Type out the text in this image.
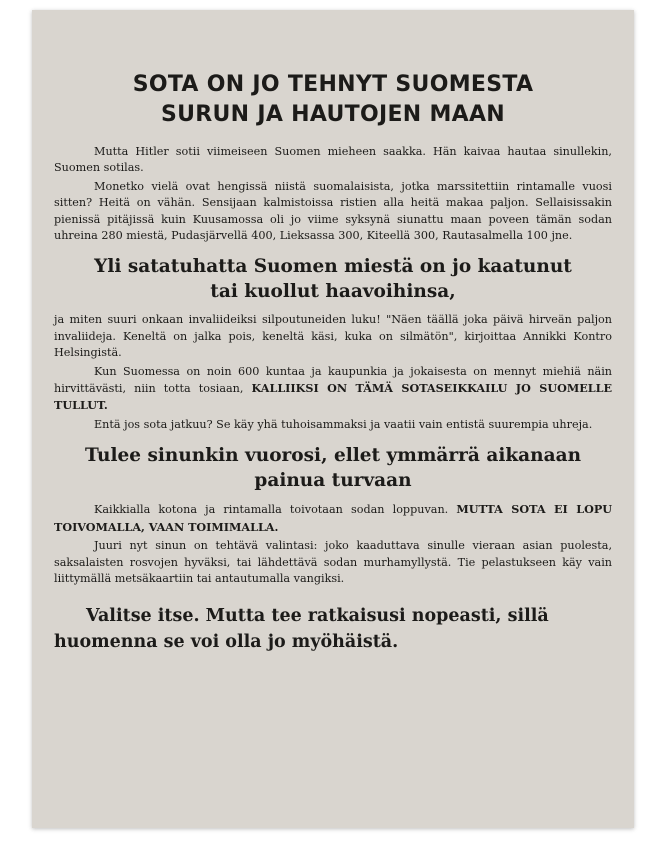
SOTA ON JO TEHNYT SUOMESTA
SURUN JA HAUTOJEN MAAN

Mutta Hitler sotii viimeiseen Suomen mieheen saakka. Hän kaivaa hautaa sinullekin, Suomen sotilas.

Monetko vielä ovat hengissä niistä suomalaisista, jotka marssitettiin rintamalle vuosi sitten? Heitä on vähän. Sensijaan kalmistoissa ristien alla heitä makaa paljon. Sellaisissakin pienissä pitäjissä kuin Kuusamossa oli jo viime syksynä siunattu maan poveen tämän sodan uhreina 280 miestä, Pudasjärvellä 400, Lieksassa 300, Kiteellä 300, Rautasalmella 100 jne.

Yli satatuhatta Suomen miestä on jo kaatunut
tai kuollut haavoihinsa,

ja miten suuri onkaan invaliideiksi silpoutuneiden luku! "Näen täällä joka päivä hirveän paljon invaliideja. Keneltä on jalka pois, keneltä käsi, kuka on silmätön", kirjoittaa Annikki Kontro Helsingistä.

Kun Suomessa on noin 600 kuntaa ja kaupunkia ja jokaisesta on mennyt miehiä näin hirvittävästi, niin totta tosiaan, KALLIIKSI ON TÄMÄ SOTASEIKKAILU JO SUOMELLE TULLUT.

Entä jos sota jatkuu? Se käy yhä tuhoisammaksi ja vaatii vain entistä suurempia uhreja.

Tulee sinunkin vuorosi, ellet ymmärrä aikanaan
painua turvaan

Kaikkialla kotona ja rintamalla toivotaan sodan loppuvan. MUTTA SOTA EI LOPU TOIVOMALLA, VAAN TOIMIMALLA.

Juuri nyt sinun on tehtävä valintasi: joko kaaduttava sinulle vieraan asian puolesta, saksalaisten rosvojen hyväksi, tai lähdettävä sodan murhamyllystä. Tie pelastukseen käy vain liittymällä metsäkaartiin tai antautumalla vangiksi.

Valitse itse. Mutta tee ratkaisusi nopeasti, sillä
huomenna se voi olla jo myöhäistä.
